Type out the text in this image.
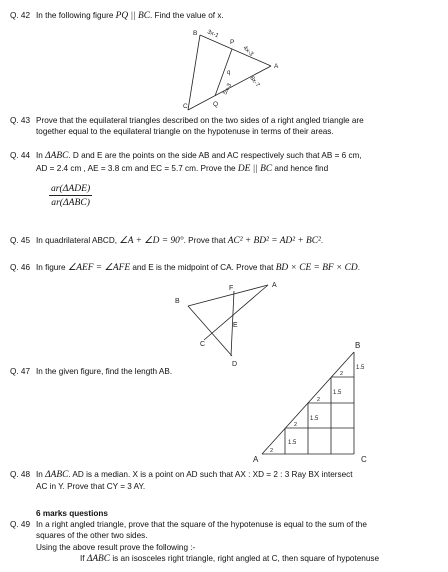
Q. 42 In the following figure PQ || BC. Find the value of x.
B
C
P
Q
A
3x-1
4x-3
8x-7
5x-3
q
Q. 43 Prove that the equilateral triangles described on the two sides of a right angled triangle are
together equal to the equilateral triangle on the hypotenuse in terms of their areas.
Q. 44 In ΔABC. D and E are the points on the side AB and AC respectively such that AB = 6 cm,
AD = 2.4 cm , AE = 3.8 cm and EC = 5.7 cm. Prove the DE || BC and hence find
ar(ΔADE)
ar(ΔABC)
Q. 45 In quadrilateral ABCD, ∠A + ∠D = 90°. Prove that AC² + BD² = AD² + BC².
Q. 46 In figure ∠AEF = ∠AFE and E is the midpoint of CA. Prove that BD × CE = BF × CD.
B
A
F
E
C
D
Q. 47 In the given figure, find the length AB.
A
B
C
1.5
1.5
1.5
1.5
2
2
2
2
Q. 48 In ΔABC. AD is a median. X is a point on AD such that AX : XD = 2 : 3 Ray BX intersect
AC in Y. Prove that CY = 3 AY.
6 marks questions
Q. 49 In a right angled triangle, prove that the square of the hypotenuse is equal to the sum of the
squares of the other two sides.
Using the above result prove the following :-
If ΔABC is an isosceles right triangle, right angled at C, then square of hypotenuse
